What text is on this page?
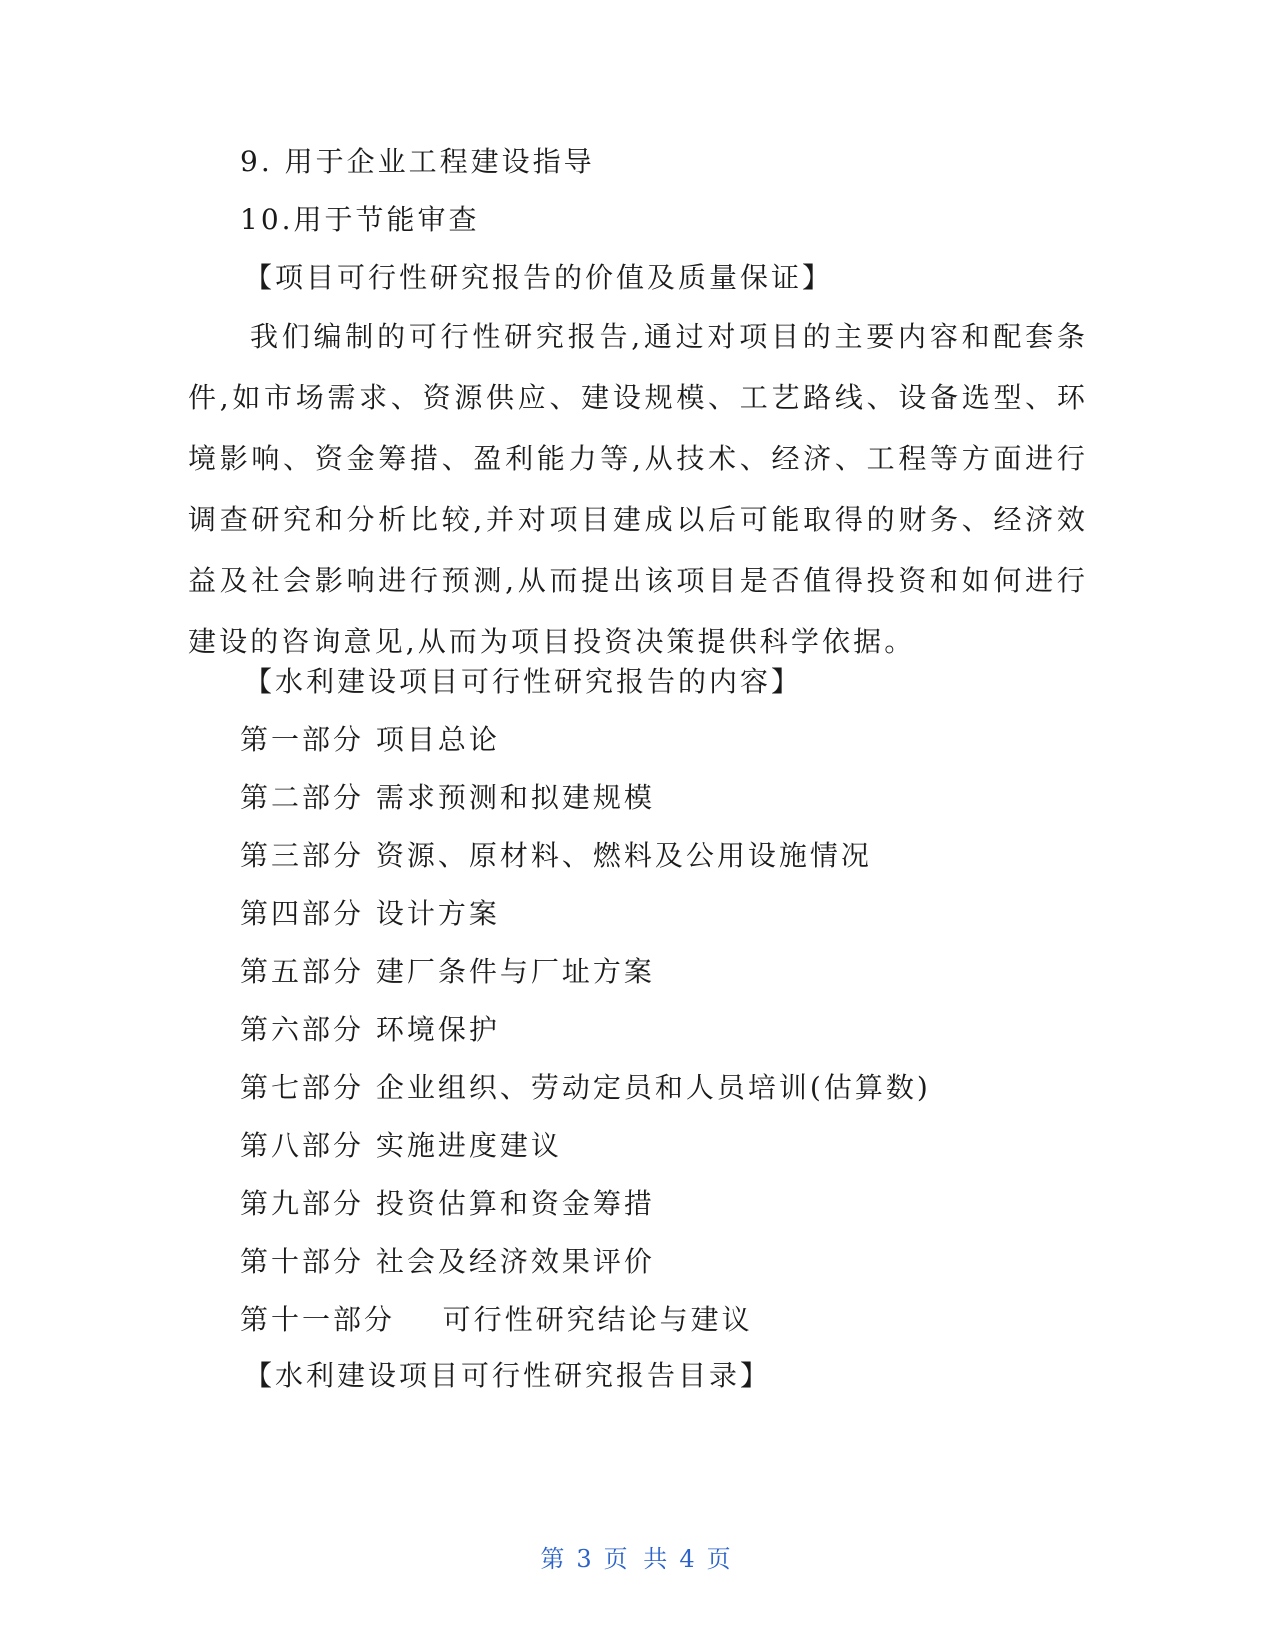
9. 用于企业工程建设指导
10.用于节能审查
【项目可行性研究报告的价值及质量保证】
我们编制的可行性研究报告,通过对项目的主要内容和配套条件,如市场需求、资源供应、建设规模、工艺路线、设备选型、环境影响、资金筹措、盈利能力等,从技术、经济、工程等方面进行调查研究和分析比较,并对项目建成以后可能取得的财务、经济效益及社会影响进行预测,从而提出该项目是否值得投资和如何进行建设的咨询意见,从而为项目投资决策提供科学依据。
【水利建设项目可行性研究报告的内容】
第一部分 项目总论
第二部分 需求预测和拟建规模
第三部分 资源、原材料、燃料及公用设施情况
第四部分 设计方案
第五部分 建厂条件与厂址方案
第六部分 环境保护
第七部分 企业组织、劳动定员和人员培训(估算数)
第八部分 实施进度建议
第九部分 投资估算和资金筹措
第十部分 社会及经济效果评价
第十一部分    可行性研究结论与建议
【水利建设项目可行性研究报告目录】
第 3 页 共 4 页
